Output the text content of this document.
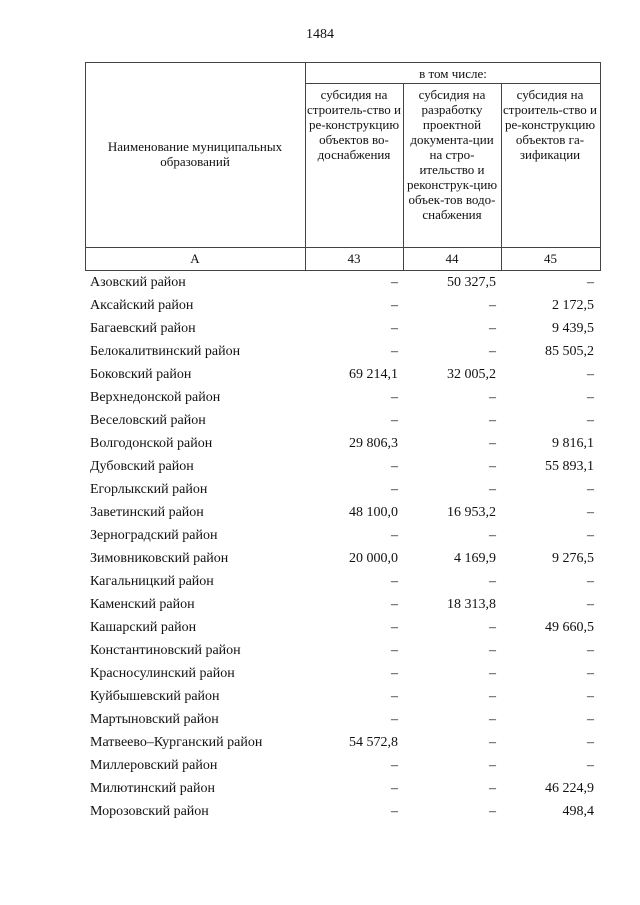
1484
Наименование муниципальных образований
в том числе:
субсидия на строитель-ство и ре-конструкцию объектов во-доснабжения
субсидия на разработку проектной документа-ции на стро-ительство и реконструк-цию объек-тов водо-снабжения
субсидия на строитель-ство и ре-конструкцию объектов га-зификации
А	43	44	45
Азовский район	–	50 327,5	–
Аксайский район	–	–	2 172,5
Багаевский район	–	–	9 439,5
Белокалитвинский район	–	–	85 505,2
Боковский район	69 214,1	32 005,2	–
Верхнедонской район	–	–	–
Веселовский район	–	–	–
Волгодонской район	29 806,3	–	9 816,1
Дубовский район	–	–	55 893,1
Егорлыкский район	–	–	–
Заветинский район	48 100,0	16 953,2	–
Зерноградский район	–	–	–
Зимовниковский район	20 000,0	4 169,9	9 276,5
Кагальницкий район	–	–	–
Каменский район	–	18 313,8	–
Кашарский район	–	–	49 660,5
Константиновский район	–	–	–
Красносулинский район	–	–	–
Куйбышевский район	–	–	–
Мартыновский район	–	–	–
Матвеево–Курганский район	54 572,8	–	–
Миллеровский район	–	–	–
Милютинский район	–	–	46 224,9
Морозовский район	–	–	498,4
